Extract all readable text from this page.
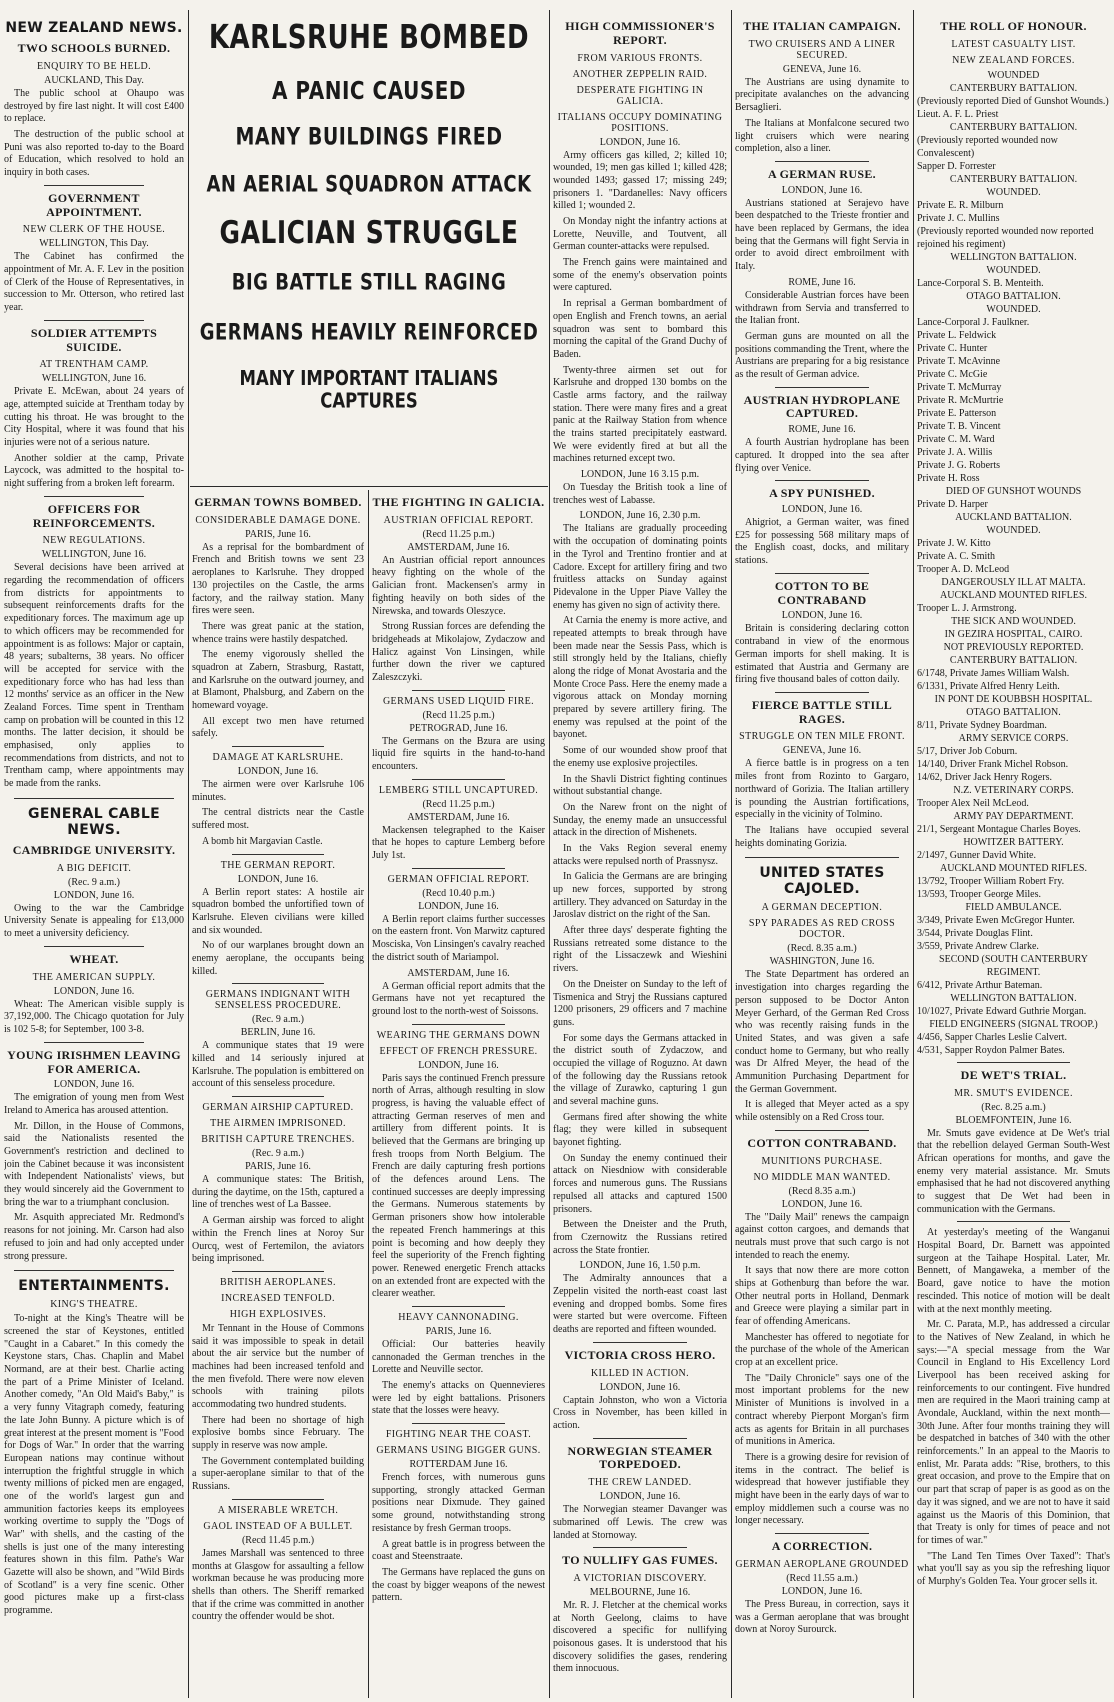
NEW ZEALAND NEWS.
TWO SCHOOLS BURNED.
ENQUIRY TO BE HELD.
AUCKLAND, This Day.

The public school at Ohaupo was destroyed by fire last night. It will cost £400 to replace.

The destruction of the public school at Puni was also reported to-day to the Board of Education, which resolved to hold an inquiry in both cases.

GOVERNMENT APPOINTMENT.
NEW CLERK OF THE HOUSE.
WELLINGTON, This Day.

The Cabinet has confirmed the appointment of Mr. A. F. Lev in the position of Clerk of the House of Representatives, in succession to Mr. Otterson, who retired last year.

SOLDIER ATTEMPTS SUICIDE.
AT TRENTHAM CAMP.
WELLINGTON, June 16.

Private E. McEwan, about 24 years of age, attempted suicide at Trentham today by cutting his throat. He was brought to the City Hospital, where it was found that his injuries were not of a serious nature.

Another soldier at the camp, Private Laycock, was admitted to the hospital to-night suffering from a broken left forearm.

OFFICERS FOR REINFORCEMENTS.
NEW REGULATIONS.
WELLINGTON, June 16.

Several decisions have been arrived at regarding the recommendation of officers from districts for appointments to subsequent reinforcements drafts for the expeditionary forces. The maximum age up to which officers may be recommended for appointment is as follows: Major or captain, 48 years; subalterns, 38 years. No officer will be accepted for service with the expeditionary force who has had less than 12 months' service as an officer in the New Zealand Forces. Time spent in Trentham camp on probation will be counted in this 12 months. The latter decision, it should be emphasised, only applies to recommendations from districts, and not to Trentham camp, where appointments may be made from the ranks.

GENERAL CABLE NEWS.
CAMBRIDGE UNIVERSITY.
A BIG DEFICIT.
(Rec. 9 a.m.)
LONDON, June 16.

Owing to the war the Cambridge University Senate is appealing for £13,000 to meet a university deficiency.

WHEAT.
THE AMERICAN SUPPLY.
LONDON, June 16.

Wheat: The American visible supply is 37,192,000. The Chicago quotation for July is 102 5-8; for September, 100 3-8.

YOUNG IRISHMEN LEAVING FOR AMERICA.
LONDON, June 16.

The emigration of young men from West Ireland to America has aroused attention.

Mr. Dillon, in the House of Commons, said the Nationalists resented the Government's restriction and declined to join the Cabinet because it was inconsistent with Independent Nationalists' views, but they would sincerely aid the Government to bring the war to a triumphant conclusion.

Mr. Asquith appreciated Mr. Redmond's reasons for not joining. Mr. Carson had also refused to join and had only accepted under strong pressure.

ENTERTAINMENTS.
KING'S THEATRE.

To-night at the King's Theatre will be screened the star of Keystones, entitled "Caught in a Cabaret." In this comedy the Keystone stars, Chas. Chaplin and Mabel Normand, are at their best. Charlie acting the part of a Prime Minister of Iceland. Another comedy, "An Old Maid's Baby," is a very funny Vitagraph comedy, featuring the late John Bunny. A picture which is of great interest at the present moment is "Food for Dogs of War." In order that the warring European nations may continue without interruption the frightful struggle in which twenty millions of picked men are engaged, one of the world's largest gun and ammunition factories keeps its employees working overtime to supply the "Dogs of War" with shells, and the casting of the shells is just one of the many interesting features shown in this film. Pathe's War Gazette will also be shown, and "Wild Birds of Scotland" is a very fine scenic. Other good pictures make up a first-class programme.

KARLSRUHE BOMBED
A PANIC CAUSED
MANY BUILDINGS FIRED
AN AERIAL SQUADRON ATTACK
GALICIAN STRUGGLE
BIG BATTLE STILL RAGING
GERMANS HEAVILY REINFORCED
MANY IMPORTANT ITALIANS CAPTURES
GERMAN TOWNS BOMBED.
CONSIDERABLE DAMAGE DONE.
PARIS, June 16.

As a reprisal for the bombardment of French and British towns we sent 23 aeroplanes to Karlsruhe. They dropped 130 projectiles on the Castle, the arms factory, and the railway station. Many fires were seen.

There was great panic at the station, whence trains were hastily despatched.

The enemy vigorously shelled the squadron at Zabern, Strasburg, Rastatt, and Karlsruhe on the outward journey, and at Blamont, Phalsburg, and Zabern on the homeward voyage.

All except two men have returned safely.

DAMAGE AT KARLSRUHE.
LONDON, June 16.

The airmen were over Karlsruhe 106 minutes.

The central districts near the Castle suffered most.

A bomb hit Margavian Castle.

THE GERMAN REPORT.
LONDON, June 16.

A Berlin report states: A hostile air squadron bombed the unfortified town of Karlsruhe. Eleven civilians were killed and six wounded.

No of our warplanes brought down an enemy aeroplane, the occupants being killed.

GERMANS INDIGNANT WITH SENSELESS PROCEDURE.
(Rec. 9 a.m.)
BERLIN, June 16.

A communique states that 19 were killed and 14 seriously injured at Karlsruhe. The population is embittered on account of this senseless procedure.

GERMAN AIRSHIP CAPTURED.
THE AIRMEN IMPRISONED.
BRITISH CAPTURE TRENCHES.
(Rec. 9 a.m.)
PARIS, June 16.

A communique states: The British, during the daytime, on the 15th, captured a line of trenches west of La Bassee.

A German airship was forced to alight within the French lines at Noroy Sur Ourcq, west of Fertemilon, the aviators being imprisoned.

BRITISH AEROPLANES.
INCREASED TENFOLD.
HIGH EXPLOSIVES.

Mr Tennant in the House of Commons said it was impossible to speak in detail about the air service but the number of machines had been increased tenfold and the men fivefold. There were now eleven schools with training pilots accommodating two hundred students.

There had been no shortage of high explosive bombs since February. The supply in reserve was now ample.

The Government contemplated building a super-aeroplane similar to that of the Russians.

A MISERABLE WRETCH.
GAOL INSTEAD OF A BULLET.
(Recd 11.45 p.m.)

James Marshall was sentenced to three months at Glasgow for assaulting a fellow workman because he was producing more shells than others. The Sheriff remarked that if the crime was committed in another country the offender would be shot.

THE FIGHTING IN GALICIA.
AUSTRIAN OFFICIAL REPORT.
(Recd 11.25 p.m.)
AMSTERDAM, June 16.

An Austrian official report announces heavy fighting on the whole of the Galician front. Mackensen's army in fighting heavily on both sides of the Nirewska, and towards Oleszyce.

Strong Russian forces are defending the bridgeheads at Mikolajow, Zydaczow and Halicz against Von Linsingen, while further down the river we captured Zaleszczyki.

GERMANS USED LIQUID FIRE.
(Recd 11.25 p.m.)
PETROGRAD, June 16.

The Germans on the Bzura are using liquid fire squirts in the hand-to-hand encounters.

LEMBERG STILL UNCAPTURED.
(Recd 11.25 p.m.)
AMSTERDAM, June 16.

Mackensen telegraphed to the Kaiser that he hopes to capture Lemberg before July 1st.

GERMAN OFFICIAL REPORT.
(Recd 10.40 p.m.)
LONDON, June 16.

A Berlin report claims further successes on the eastern front. Von Marwitz captured Mosciska, Von Linsingen's cavalry reached the district south of Mariampol.

AMSTERDAM, June 16.

A German official report admits that the Germans have not yet recaptured the ground lost to the north-west of Soissons.

WEARING THE GERMANS DOWN
EFFECT OF FRENCH PRESSURE.
LONDON, June 16.

Paris says the continued French pressure north of Arras, although resulting in slow progress, is having the valuable effect of attracting German reserves of men and artillery from different points. It is believed that the Germans are bringing up fresh troops from North Belgium. The French are daily capturing fresh portions of the defences around Lens. The continued successes are deeply impressing the Germans. Numerous statements by German prisoners show how intolerable the repeated French hammerings at this point is becoming and how deeply they feel the superiority of the French fighting power. Renewed energetic French attacks on an extended front are expected with the clearer weather.

HEAVY CANNONADING.
PARIS, June 16.

Official: Our batteries heavily cannonaded the German trenches in the Lorette and Neuville sector.

The enemy's attacks on Quennevieres were led by eight battalions. Prisoners state that the losses were heavy.

FIGHTING NEAR THE COAST.
GERMANS USING BIGGER GUNS.
ROTTERDAM June 16.

French forces, with numerous guns supporting, strongly attacked German positions near Dixmude. They gained some ground, notwithstanding strong resistance by fresh German troops.

A great battle is in progress between the coast and Steenstraate.

The Germans have replaced the guns on the coast by bigger weapons of the newest pattern.

HIGH COMMISSIONER'S REPORT.
FROM VARIOUS FRONTS.
ANOTHER ZEPPELIN RAID.
DESPERATE FIGHTING IN GALICIA.
ITALIANS OCCUPY DOMINATING POSITIONS.
LONDON, June 16.

Army officers gas killed, 2; killed 10; wounded, 19; men gas killed 1; killed 428; wounded 1493; gassed 17; missing 249; prisoners 1. "Dardanelles: Navy officers killed 1; wounded 2.

On Monday night the infantry actions at Lorette, Neuville, and Toutvent, all German counter-attacks were repulsed.

The French gains were maintained and some of the enemy's observation points were captured.

In reprisal a German bombardment of open English and French towns, an aerial squadron was sent to bombard this morning the capital of the Grand Duchy of Baden.

Twenty-three airmen set out for Karlsruhe and dropped 130 bombs on the Castle arms factory, and the railway station. There were many fires and a great panic at the Railway Station from whence the trains started precipitately eastward. We were evidently fired at but all the machines returned except two.

LONDON, June 16 3.15 p.m.

On Tuesday the British took a line of trenches west of Labasse.

LONDON, June 16, 2.30 p.m.

The Italians are gradually proceeding with the occupation of dominating points in the Tyrol and Trentino frontier and at Cadore. Except for artillery firing and two fruitless attacks on Sunday against Pidevalone in the Upper Piave Valley the enemy has given no sign of activity there.

At Carnia the enemy is more active, and repeated attempts to break through have been made near the Sessis Pass, which is still strongly held by the Italians, chiefly along the ridge of Monat Avostaria and the Monte Croce Pass. Here the enemy made a vigorous attack on Monday morning prepared by severe artillery firing. The enemy was repulsed at the point of the bayonet.

Some of our wounded show proof that the enemy use explosive projectiles.

In the Shavli District fighting continues without substantial change.

On the Narew front on the night of Sunday, the enemy made an unsuccessful attack in the direction of Mishenets.

In the Vaks Region several enemy attacks were repulsed north of Prassnysz.

In Galicia the Germans are are bringing up new forces, supported by strong artillery. They advanced on Saturday in the Jaroslav district on the right of the San.

After three days' desperate fighting the Russians retreated some distance to the right of the Lissaczewk and Wieshini rivers.

On the Dneister on Sunday to the left of Tismenica and Stryj the Russians captured 1200 prisoners, 29 officers and 7 machine guns.

For some days the Germans attacked in the district south of Zydaczow, and occupied the village of Roguzno. At dawn of the following day the Russians retook the village of Zurawko, capturing 1 gun and several machine guns.

Germans fired after showing the white flag; they were killed in subsequent bayonet fighting.

On Sunday the enemy continued their attack on Niesdniow with considerable forces and numerous guns. The Russians repulsed all attacks and captured 1500 prisoners.

Between the Dneister and the Pruth, from Czernowitz the Russians retired across the State frontier.

LONDON, June 16, 1.50 p.m.

The Admiralty announces that a Zeppelin visited the north-east coast last evening and dropped bombs. Some fires were started but were overcome. Fifteen deaths are reported and fifteen wounded.

VICTORIA CROSS HERO.
KILLED IN ACTION.
LONDON, June 16.

Captain Johnston, who won a Victoria Cross in November, has been killed in action.

NORWEGIAN STEAMER TORPEDOED.
THE CREW LANDED.
LONDON, June 16.

The Norwegian steamer Davanger was submarined off Lewis. The crew was landed at Stornoway.

TO NULLIFY GAS FUMES.
A VICTORIAN DISCOVERY.
MELBOURNE, June 16.

Mr. R. J. Fletcher at the chemical works at North Geelong, claims to have discovered a specific for nullifying poisonous gases. It is understood that his discovery solidifies the gases, rendering them innocuous.

THE ITALIAN CAMPAIGN.
TWO CRUISERS AND A LINER SECURED.
GENEVA, June 16.

The Austrians are using dynamite to precipitate avalanches on the advancing Bersaglieri.

The Italians at Monfalcone secured two light cruisers which were nearing completion, also a liner.

A GERMAN RUSE.
LONDON, June 16.

Austrians stationed at Serajevo have been despatched to the Trieste frontier and have been replaced by Germans, the idea being that the Germans will fight Servia in order to avoid direct embroilment with Italy.

ROME, June 16.

Considerable Austrian forces have been withdrawn from Servia and transferred to the Italian front.

German guns are mounted on all the positions commanding the Trent, where the Austrians are preparing for a big resistance as the result of German advice.

AUSTRIAN HYDROPLANE CAPTURED.
ROME, June 16.

A fourth Austrian hydroplane has been captured. It dropped into the sea after flying over Venice.

A SPY PUNISHED.
LONDON, June 16.

Ahigriot, a German waiter, was fined £25 for possessing 568 military maps of the English coast, docks, and military stations.

COTTON TO BE CONTRABAND
LONDON, June 16.

Britain is considering declaring cotton contraband in view of the enormous German imports for shell making. It is estimated that Austria and Germany are firing five thousand bales of cotton daily.

FIERCE BATTLE STILL RAGES.
STRUGGLE ON TEN MILE FRONT.
GENEVA, June 16.

A fierce battle is in progress on a ten miles front from Rozinto to Gargaro, northward of Gorizia. The Italian artillery is pounding the Austrian fortifications, especially in the vicinity of Tolmino.

The Italians have occupied several heights dominating Gorizia.

UNITED STATES CAJOLED.
A GERMAN DECEPTION.
SPY PARADES AS RED CROSS DOCTOR.
(Recd. 8.35 a.m.)
WASHINGTON, June 16.

The State Department has ordered an investigation into charges regarding the person supposed to be Doctor Anton Meyer Gerhard, of the German Red Cross who was recently raising funds in the United States, and was given a safe conduct home to Germany, but who really was Dr Alfred Meyer, the head of the Ammunition Purchasing Department for the German Government.

It is alleged that Meyer acted as a spy while ostensibly on a Red Cross tour.

COTTON CONTRABAND.
MUNITIONS PURCHASE.
NO MIDDLE MAN WANTED.
(Recd 8.35 a.m.)
LONDON, June 16.

The "Daily Mail" renews the campaign against cotton cargoes, and demands that neutrals must prove that such cargo is not intended to reach the enemy.

It says that now there are more cotton ships at Gothenburg than before the war. Other neutral ports in Holland, Denmark and Greece were playing a similar part in fear of offending Americans.

Manchester has offered to negotiate for the purchase of the whole of the American crop at an excellent price.

The "Daily Chronicle" says one of the most important problems for the new Minister of Munitions is involved in a contract whereby Pierpont Morgan's firm acts as agents for Britain in all purchases of munitions in America.

There is a growing desire for revision of items in the contract. The belief is widespread that however justifiable they might have been in the early days of war to employ middlemen such a course was no longer necessary.

A CORRECTION.
GERMAN AEROPLANE GROUNDED
(Recd 11.55 a.m.)
LONDON, June 16.

The Press Bureau, in correction, says it was a German aeroplane that was brought down at Noroy Surourck.

THE ROLL OF HONOUR.
LATEST CASUALTY LIST.
NEW ZEALAND FORCES.
WOUNDED
CANTERBURY BATTALION.
(Previously reported Died of Gunshot Wounds.)
Lieut. A. F. L. Priest
CANTERBURY BATTALION.
(Previously reported wounded now Convalescent)
Sapper D. Forrester
CANTERBURY BATTALION.
WOUNDED.
Private E. R. Milburn
Private J. C. Mullins
(Previously reported wounded now reported rejoined his regiment)
WELLINGTON BATTALION.
WOUNDED.
Lance-Corporal S. B. Menteith.
OTAGO BATTALION.
WOUNDED.
Lance-Corporal J. Faulkner.
Private L. Feldwick
Private C. Hunter
Private T. McAvinne
Private C. McGie
Private T. McMurray
Private R. McMurtrie
Private E. Patterson
Private T. B. Vincent
Private C. M. Ward
Private J. A. Willis
Private J. G. Roberts
Private H. Ross
DIED OF GUNSHOT WOUNDS
Private D. Harper
AUCKLAND BATTALION.
WOUNDED.
Private J. W. Kitto
Private A. C. Smith
Trooper A. D. McLeod
DANGEROUSLY ILL AT MALTA.
AUCKLAND MOUNTED RIFLES.
Trooper L. J. Armstrong.
THE SICK AND WOUNDED.
IN GEZIRA HOSPITAL, CAIRO.
NOT PREVIOUSLY REPORTED.
CANTERBURY BATTALION.
6/1748, Private James William Walsh.
6/1331, Private Alfred Henry Leith.
IN PONT DE KOUBBSH HOSPITAL.
OTAGO BATTALION.
8/11, Private Sydney Boardman.
ARMY SERVICE CORPS.
5/17, Driver Job Coburn.
14/140, Driver Frank Michel Robson.
14/62, Driver Jack Henry Rogers.
N.Z. VETERINARY CORPS.
Trooper Alex Neil McLeod.
ARMY PAY DEPARTMENT.
21/1, Sergeant Montague Charles Boyes.
HOWITZER BATTERY.
2/1497, Gunner David White.
AUCKLAND MOUNTED RIFLES.
13/792, Trooper William Robert Fry.
13/593, Trooper George Miles.
FIELD AMBULANCE.
3/349, Private Ewen McGregor Hunter.
3/544, Private Douglas Flint.
3/559, Private Andrew Clarke.
SECOND (SOUTH CANTERBURY REGIMENT.
6/412, Private Arthur Bateman.
WELLINGTON BATTALION.
10/1027, Private Edward Guthrie Morgan.
FIELD ENGINEERS (SIGNAL TROOP.)
4/456, Sapper Charles Leslie Calvert.
4/531, Sapper Roydon Palmer Bates.
DE WET'S TRIAL.
MR. SMUT'S EVIDENCE.
(Rec. 8.25 a.m.)
BLOEMFONTEIN, June 16.

Mr. Smuts gave evidence at De Wet's trial that the rebellion delayed German South-West African operations for months, and gave the enemy very material assistance. Mr. Smuts emphasised that he had not discovered anything to suggest that De Wet had been in communication with the Germans.

At yesterday's meeting of the Wanganui Hospital Board, Dr. Barnett was appointed surgeon at the Taihape Hospital. Later, Mr. Bennett, of Mangaweka, a member of the Board, gave notice to have the motion rescinded. This notice of motion will be dealt with at the next monthly meeting.

Mr. C. Parata, M.P., has addressed a circular to the Natives of New Zealand, in which he says:—"A special message from the War Council in England to His Excellency Lord Liverpool has been received asking for reinforcements to our contingent. Five hundred men are required in the Maori training camp at Avondale, Auckland, within the next month—30th June. After four months training they will be despatched in batches of 340 with the other reinforcements." In an appeal to the Maoris to enlist, Mr. Parata adds: "Rise, brothers, to this great occasion, and prove to the Empire that on our part that scrap of paper is as good as on the day it was signed, and we are not to have it said against us the Maoris of this Dominion, that that Treaty is only for times of peace and not for times of war."

"The Land Ten Times Over Taxed": That's what you'll say as you sip the refreshing liquor of Murphy's Golden Tea. Your grocer sells it.
